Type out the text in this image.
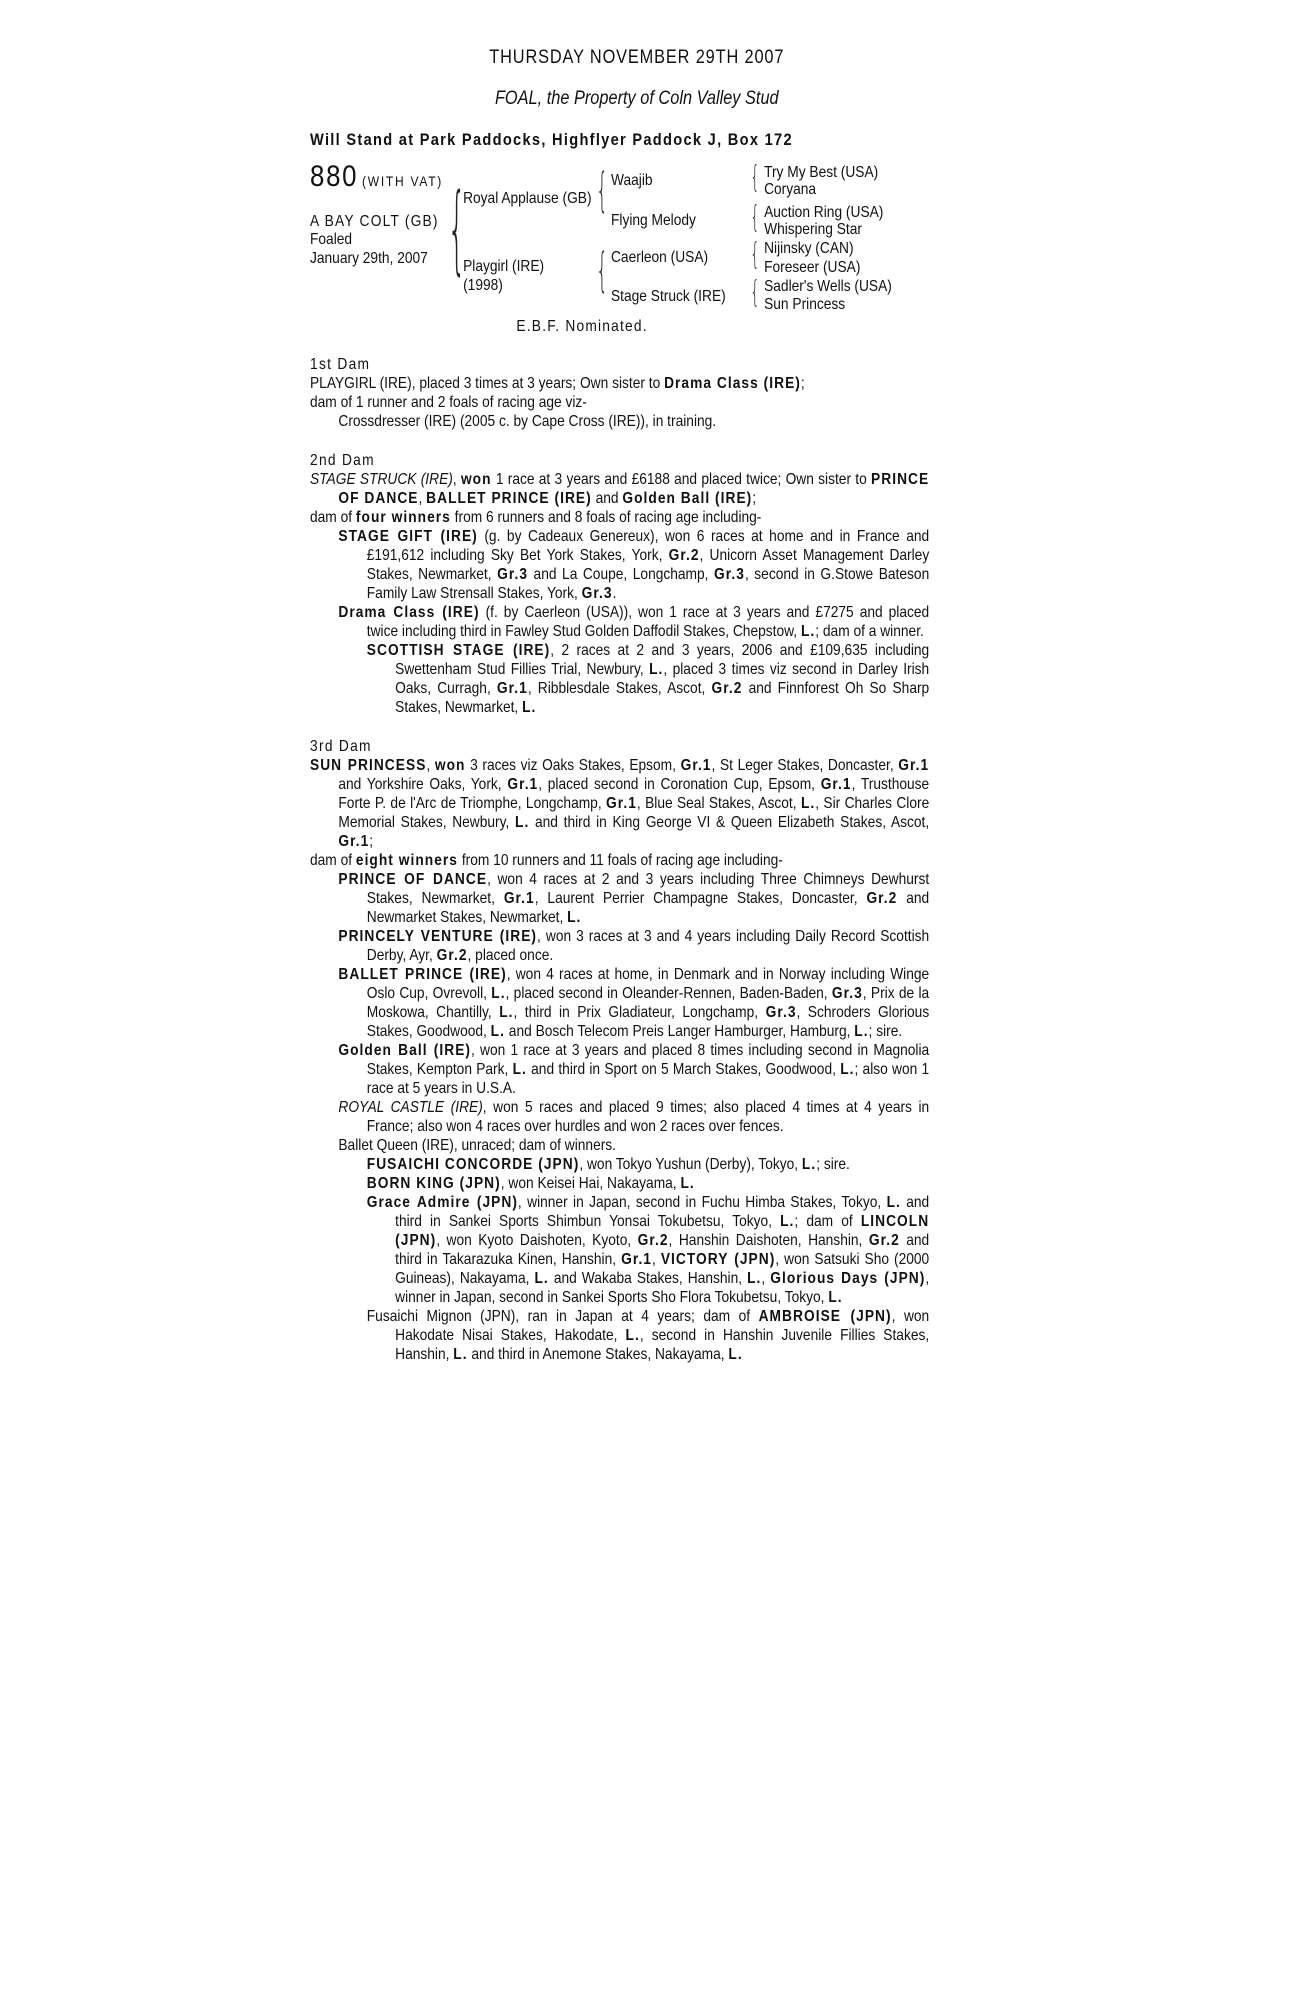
THURSDAY NOVEMBER 29TH 2007
FOAL, the Property of Coln Valley Stud
Will Stand at Park Paddocks, Highflyer Paddock J, Box 172
880 (WITH VAT)
A BAY COLT (GB)
Foaled
January 29th, 2007 {
Royal Applause (GB)
Playgirl (IRE)
(1998)
{
{
Waajib
Flying Melody
Caerleon (USA)
Stage Struck (IRE)
{
{
{
{
Try My Best (USA)
Coryana
Auction Ring (USA)
Whispering Star
Nijinsky (CAN)
Foreseer (USA)
Sadler's Wells (USA)
Sun Princess
E.B.F. Nominated.
1st Dam

PLAYGIRL (IRE), placed 3 times at 3 years; Own sister to Drama Class (IRE);

dam of 1 runner and 2 foals of racing age viz-

Crossdresser (IRE) (2005 c. by Cape Cross (IRE)), in training.

2nd Dam

STAGE STRUCK (IRE), won 1 race at 3 years and £6188 and placed twice; Own sister to PRINCE OF DANCE, BALLET PRINCE (IRE) and Golden Ball (IRE);

dam of four winners from 6 runners and 8 foals of racing age including-

STAGE GIFT (IRE) (g. by Cadeaux Genereux), won 6 races at home and in France and £191,612 including Sky Bet York Stakes, York, Gr.2, Unicorn Asset Management Darley Stakes, Newmarket, Gr.3 and La Coupe, Longchamp, Gr.3, second in G.Stowe Bateson Family Law Strensall Stakes, York, Gr.3.

Drama Class (IRE) (f. by Caerleon (USA)), won 1 race at 3 years and £7275 and placed twice including third in Fawley Stud Golden Daffodil Stakes, Chepstow, L.; dam of a winner.

SCOTTISH STAGE (IRE), 2 races at 2 and 3 years, 2006 and £109,635 including Swettenham Stud Fillies Trial, Newbury, L., placed 3 times viz second in Darley Irish Oaks, Curragh, Gr.1, Ribblesdale Stakes, Ascot, Gr.2 and Finnforest Oh So Sharp Stakes, Newmarket, L.

3rd Dam

SUN PRINCESS, won 3 races viz Oaks Stakes, Epsom, Gr.1, St Leger Stakes, Doncaster, Gr.1 and Yorkshire Oaks, York, Gr.1, placed second in Coronation Cup, Epsom, Gr.1, Trusthouse Forte P. de l'Arc de Triomphe, Longchamp, Gr.1, Blue Seal Stakes, Ascot, L., Sir Charles Clore Memorial Stakes, Newbury, L. and third in King George VI & Queen Elizabeth Stakes, Ascot, Gr.1;

dam of eight winners from 10 runners and 11 foals of racing age including-

PRINCE OF DANCE, won 4 races at 2 and 3 years including Three Chimneys Dewhurst Stakes, Newmarket, Gr.1, Laurent Perrier Champagne Stakes, Doncaster, Gr.2 and Newmarket Stakes, Newmarket, L.

PRINCELY VENTURE (IRE), won 3 races at 3 and 4 years including Daily Record Scottish Derby, Ayr, Gr.2, placed once.

BALLET PRINCE (IRE), won 4 races at home, in Denmark and in Norway including Winge Oslo Cup, Ovrevoll, L., placed second in Oleander-Rennen, Baden-Baden, Gr.3, Prix de la Moskowa, Chantilly, L., third in Prix Gladiateur, Longchamp, Gr.3, Schroders Glorious Stakes, Goodwood, L. and Bosch Telecom Preis Langer Hamburger, Hamburg, L.; sire.

Golden Ball (IRE), won 1 race at 3 years and placed 8 times including second in Magnolia Stakes, Kempton Park, L. and third in Sport on 5 March Stakes, Goodwood, L.; also won 1 race at 5 years in U.S.A.

ROYAL CASTLE (IRE), won 5 races and placed 9 times; also placed 4 times at 4 years in France; also won 4 races over hurdles and won 2 races over fences.

Ballet Queen (IRE), unraced; dam of winners.

FUSAICHI CONCORDE (JPN), won Tokyo Yushun (Derby), Tokyo, L.; sire.

BORN KING (JPN), won Keisei Hai, Nakayama, L.

Grace Admire (JPN), winner in Japan, second in Fuchu Himba Stakes, Tokyo, L. and third in Sankei Sports Shimbun Yonsai Tokubetsu, Tokyo, L.; dam of LINCOLN (JPN), won Kyoto Daishoten, Kyoto, Gr.2, Hanshin Daishoten, Hanshin, Gr.2 and third in Takarazuka Kinen, Hanshin, Gr.1, VICTORY (JPN), won Satsuki Sho (2000 Guineas), Nakayama, L. and Wakaba Stakes, Hanshin, L., Glorious Days (JPN), winner in Japan, second in Sankei Sports Sho Flora Tokubetsu, Tokyo, L.

Fusaichi Mignon (JPN), ran in Japan at 4 years; dam of AMBROISE (JPN), won Hakodate Nisai Stakes, Hakodate, L., second in Hanshin Juvenile Fillies Stakes, Hanshin, L. and third in Anemone Stakes, Nakayama, L.
